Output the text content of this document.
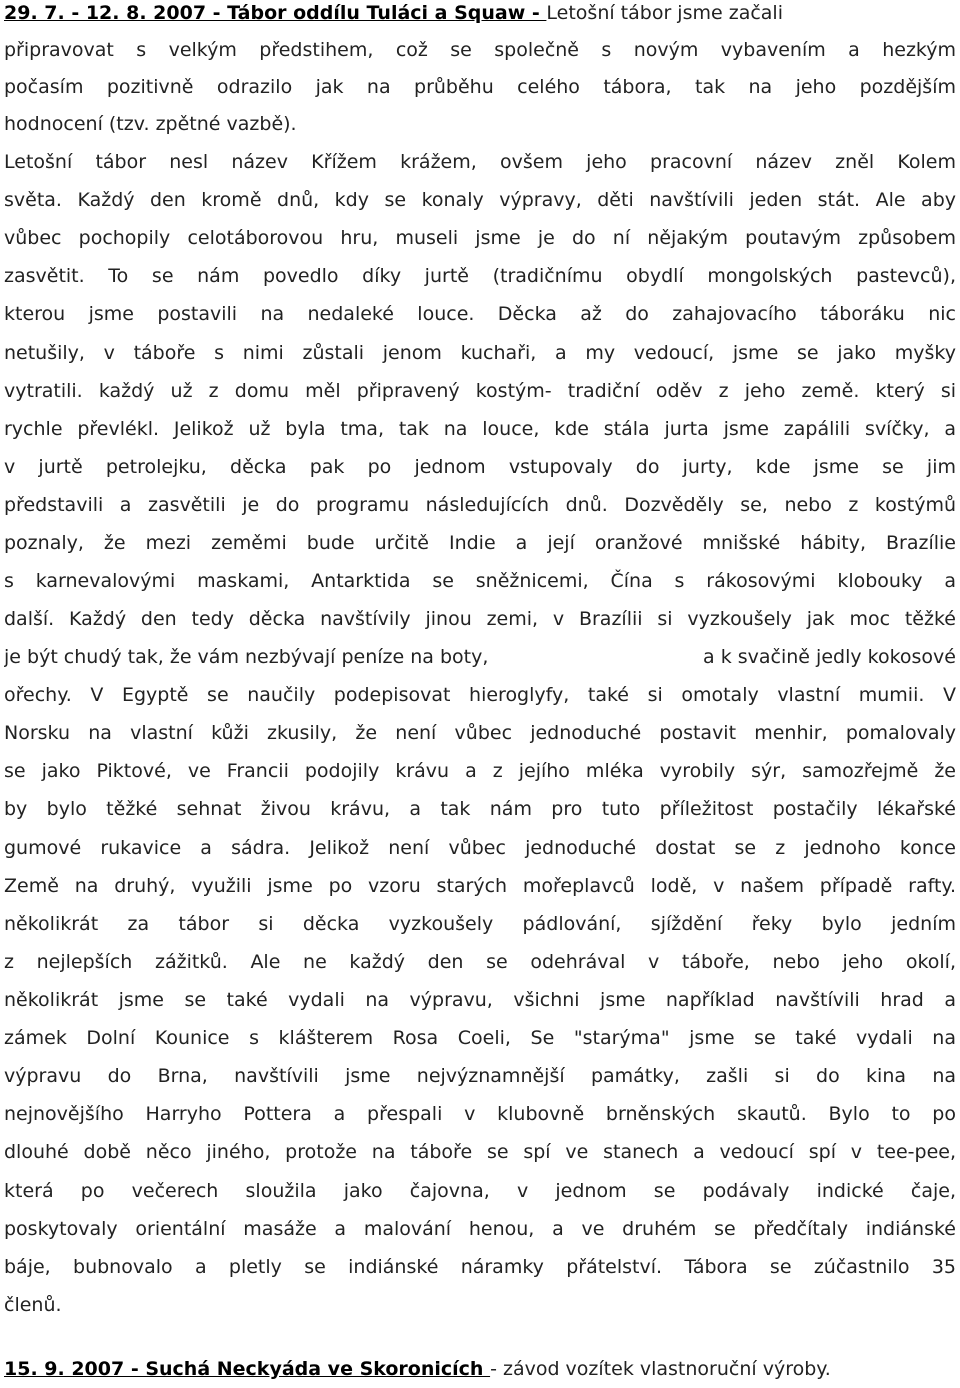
29. 7. - 12. 8. 2007 - Tábor oddílu Tuláci a Squaw - Letošní tábor jsme začali
připravovat s velkým předstihem, což se společně s novým vybavením a hezkým
počasím pozitivně odrazilo jak na průběhu celého tábora, tak na jeho pozdějším
hodnocení (tzv. zpětné vazbě).
Letošní tábor nesl název Křížem krážem, ovšem jeho pracovní název zněl Kolem
světa. Každý den kromě dnů, kdy se konaly výpravy, děti navštívili jeden stát. Ale aby
vůbec pochopily celotáborovou hru, museli jsme je do ní nějakým poutavým způsobem
zasvětit. To se nám povedlo díky jurtě (tradičnímu obydlí mongolských pastevců),
kterou jsme postavili na nedaleké louce. Děcka až do zahajovacího táboráku nic
netušily, v táboře s nimi zůstali jenom kuchaři, a my vedoucí, jsme se jako myšky
vytratili. každý už z domu měl připravený kostým- tradiční oděv z jeho země. který si
rychle převlékl. Jelikož už byla tma, tak na louce, kde stála jurta jsme zapálili svíčky, a
v jurtě petrolejku, děcka pak po jednom vstupovaly do jurty, kde jsme se jim
představili a zasvětili je do programu následujících dnů. Dozvěděly se, nebo z kostýmů
poznaly, že mezi zeměmi bude určitě Indie a její oranžové mnišské hábity, Brazílie
s karnevalovými maskami, Antarktida se sněžnicemi, Čína s rákosovými klobouky a
další. Každý den tedy děcka navštívily jinou zemi, v Brazílii si vyzkoušely jak moc těžké
je být chudý tak, že vám nezbývají peníze na boty,	a k svačině jedly kokosové
ořechy. V Egyptě se naučily podepisovat hieroglyfy, také si omotaly vlastní mumii. V
Norsku na vlastní kůži zkusily, že není vůbec jednoduché postavit menhir, pomalovaly
se jako Piktové, ve Francii podojily krávu a z jejího mléka vyrobily sýr, samozřejmě že
by bylo těžké sehnat živou krávu, a tak nám pro tuto příležitost postačily lékařské
gumové rukavice a sádra. Jelikož není vůbec jednoduché dostat se z jednoho konce
Země na druhý, využili jsme po vzoru starých mořeplavců lodě, v našem případě rafty.
několikrát za tábor si děcka vyzkoušely pádlování, sjíždění řeky bylo jedním
z nejlepších zážitků. Ale ne každý den se odehrával v táboře, nebo jeho okolí,
několikrát jsme se také vydali na výpravu, všichni jsme například navštívili hrad a
zámek Dolní Kounice s klášterem Rosa Coeli, Se "starýma" jsme se také vydali na
výpravu do Brna, navštívili jsme nejvýznamnější památky, zašli si do kina na
nejnovějšího Harryho Pottera a přespali v klubovně brněnských skautů. Bylo to po
dlouhé době něco jiného, protože na táboře se spí ve stanech a vedoucí spí v tee-pee,
která po večerech sloužila jako čajovna, v jednom se podávaly indické čaje,
poskytovaly orientální masáže a malování henou, a ve druhém se předčítaly indiánské
báje, bubnovalo a pletly se indiánské náramky přátelství. Tábora se zúčastnilo 35
členů.
15. 9. 2007 - Suchá Neckyáda ve Skoronicích - závod vozítek vlastnoruční výroby.
